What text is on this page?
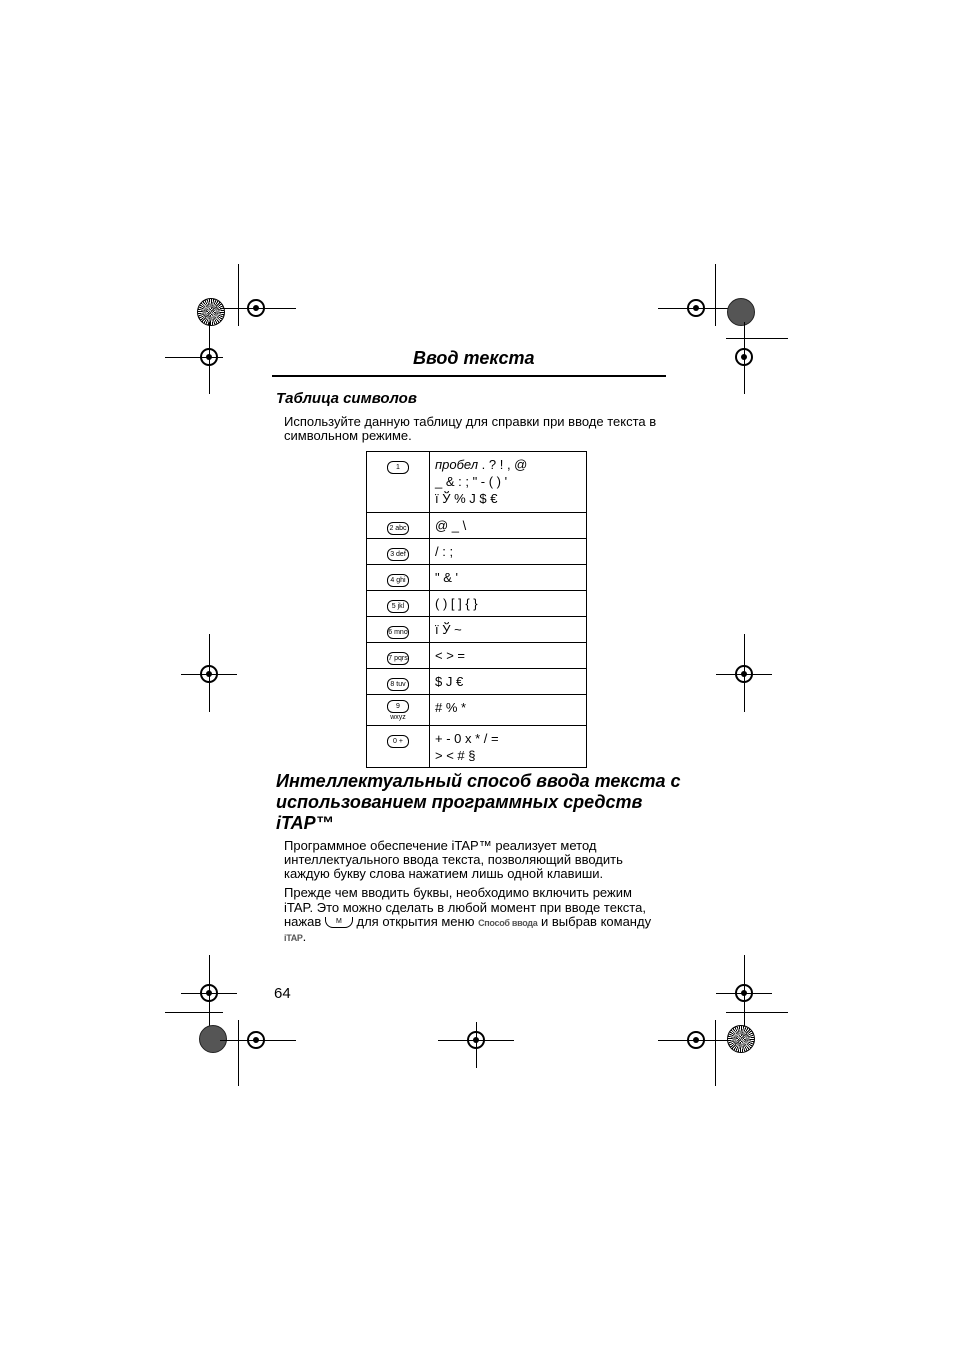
Ввод текста
Таблица символов
Используйте данную таблицу для справки при вводе текста в
символьном режиме.
1	пробел . ? ! , @
_ & : ; " - ( ) '
ï Ў % Ј $ €
2 abc	@ _ \
3 def	/ : ;
4 ghi	" & '
5 jkl	( ) [ ] { }
6 mno	ï Ў ~
7 pqrs	< > =
8 tuv	$ Ј €
9 wxyz	# % *
0 +	+ - 0 x * / =
> < # §
Интеллектуальный способ ввода текста с
использованием программных средств
iTAP™
Программное обеспечение iTAP™ реализует метод
интеллектуального ввода текста, позволяющий вводить
каждую букву слова нажатием лишь одной клавиши.
Прежде чем вводить буквы, необходимо включить режим
iTAP. Это можно сделать в любой момент при вводе текста,
нажав M для открытия меню Способ ввода и выбрав команду
iTAP.
64
